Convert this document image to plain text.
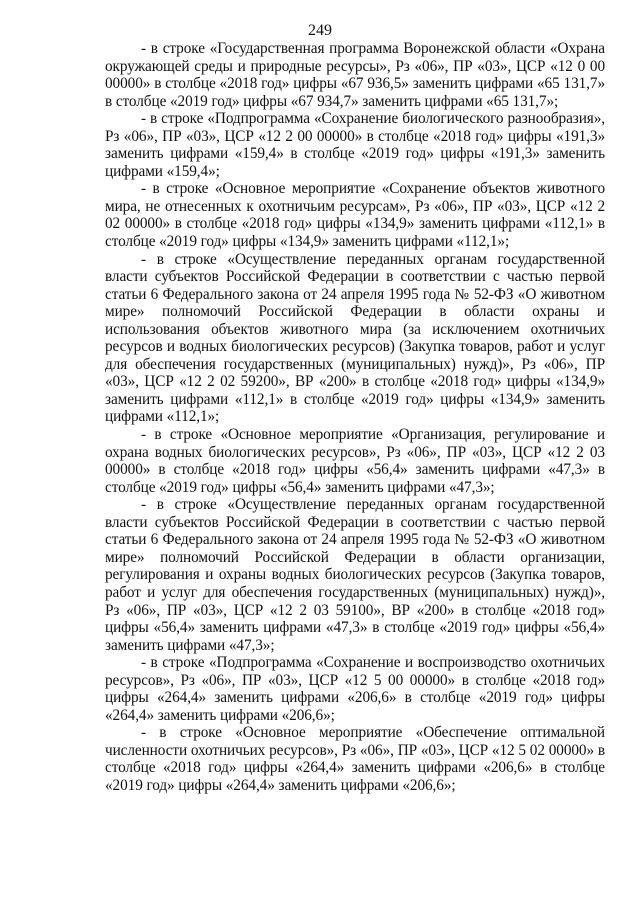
249

- в строке «Государственная программа Воронежской области «Охрана окружающей среды и природные ресурсы», Рз «06», ПР «03», ЦСР «12 0 00 00000» в столбце «2018 год» цифры «67 936,5» заменить цифрами «65 131,7» в столбце «2019 год» цифры «67 934,7» заменить цифрами «65 131,7»;

- в строке «Подпрограмма «Сохранение биологического разнообразия», Рз «06», ПР «03», ЦСР «12 2 00 00000» в столбце «2018 год» цифры «191,3» заменить цифрами «159,4» в столбце «2019 год» цифры «191,3» заменить цифрами «159,4»;

- в строке «Основное мероприятие «Сохранение объектов животного мира, не отнесенных к охотничьим ресурсам», Рз «06», ПР «03», ЦСР «12 2 02 00000» в столбце «2018 год» цифры «134,9» заменить цифрами «112,1» в столбце «2019 год» цифры «134,9» заменить цифрами «112,1»;

- в строке «Осуществление переданных органам государственной власти субъектов Российской Федерации в соответствии с частью первой статьи 6 Федерального закона от 24 апреля 1995 года № 52-ФЗ «О животном мире» полномочий Российской Федерации в области охраны и использования объектов животного мира (за исключением охотничьих ресурсов и водных биологических ресурсов) (Закупка товаров, работ и услуг для обеспечения государственных (муниципальных) нужд)», Рз «06», ПР «03», ЦСР «12 2 02 59200», ВР «200» в столбце «2018 год» цифры «134,9» заменить цифрами «112,1» в столбце «2019 год» цифры «134,9» заменить цифрами «112,1»;

- в строке «Основное мероприятие «Организация, регулирование и охрана водных биологических ресурсов», Рз «06», ПР «03», ЦСР «12 2 03 00000» в столбце «2018 год» цифры «56,4» заменить цифрами «47,3» в столбце «2019 год» цифры «56,4» заменить цифрами «47,3»;

- в строке «Осуществление переданных органам государственной власти субъектов Российской Федерации в соответствии с частью первой статьи 6 Федерального закона от 24 апреля 1995 года № 52-ФЗ «О животном мире» полномочий Российской Федерации в области организации, регулирования и охраны водных биологических ресурсов (Закупка товаров, работ и услуг для обеспечения государственных (муниципальных) нужд)», Рз «06», ПР «03», ЦСР «12 2 03 59100», ВР «200» в столбце «2018 год» цифры «56,4» заменить цифрами «47,3» в столбце «2019 год» цифры «56,4» заменить цифрами «47,3»;

- в строке «Подпрограмма «Сохранение и воспроизводство охотничьих ресурсов», Рз «06», ПР «03», ЦСР «12 5 00 00000» в столбце «2018 год» цифры «264,4» заменить цифрами «206,6» в столбце «2019 год» цифры «264,4» заменить цифрами «206,6»;

- в строке «Основное мероприятие «Обеспечение оптимальной численности охотничьих ресурсов», Рз «06», ПР «03», ЦСР «12 5 02 00000» в столбце «2018 год» цифры «264,4» заменить цифрами «206,6» в столбце «2019 год» цифры «264,4» заменить цифрами «206,6»;
